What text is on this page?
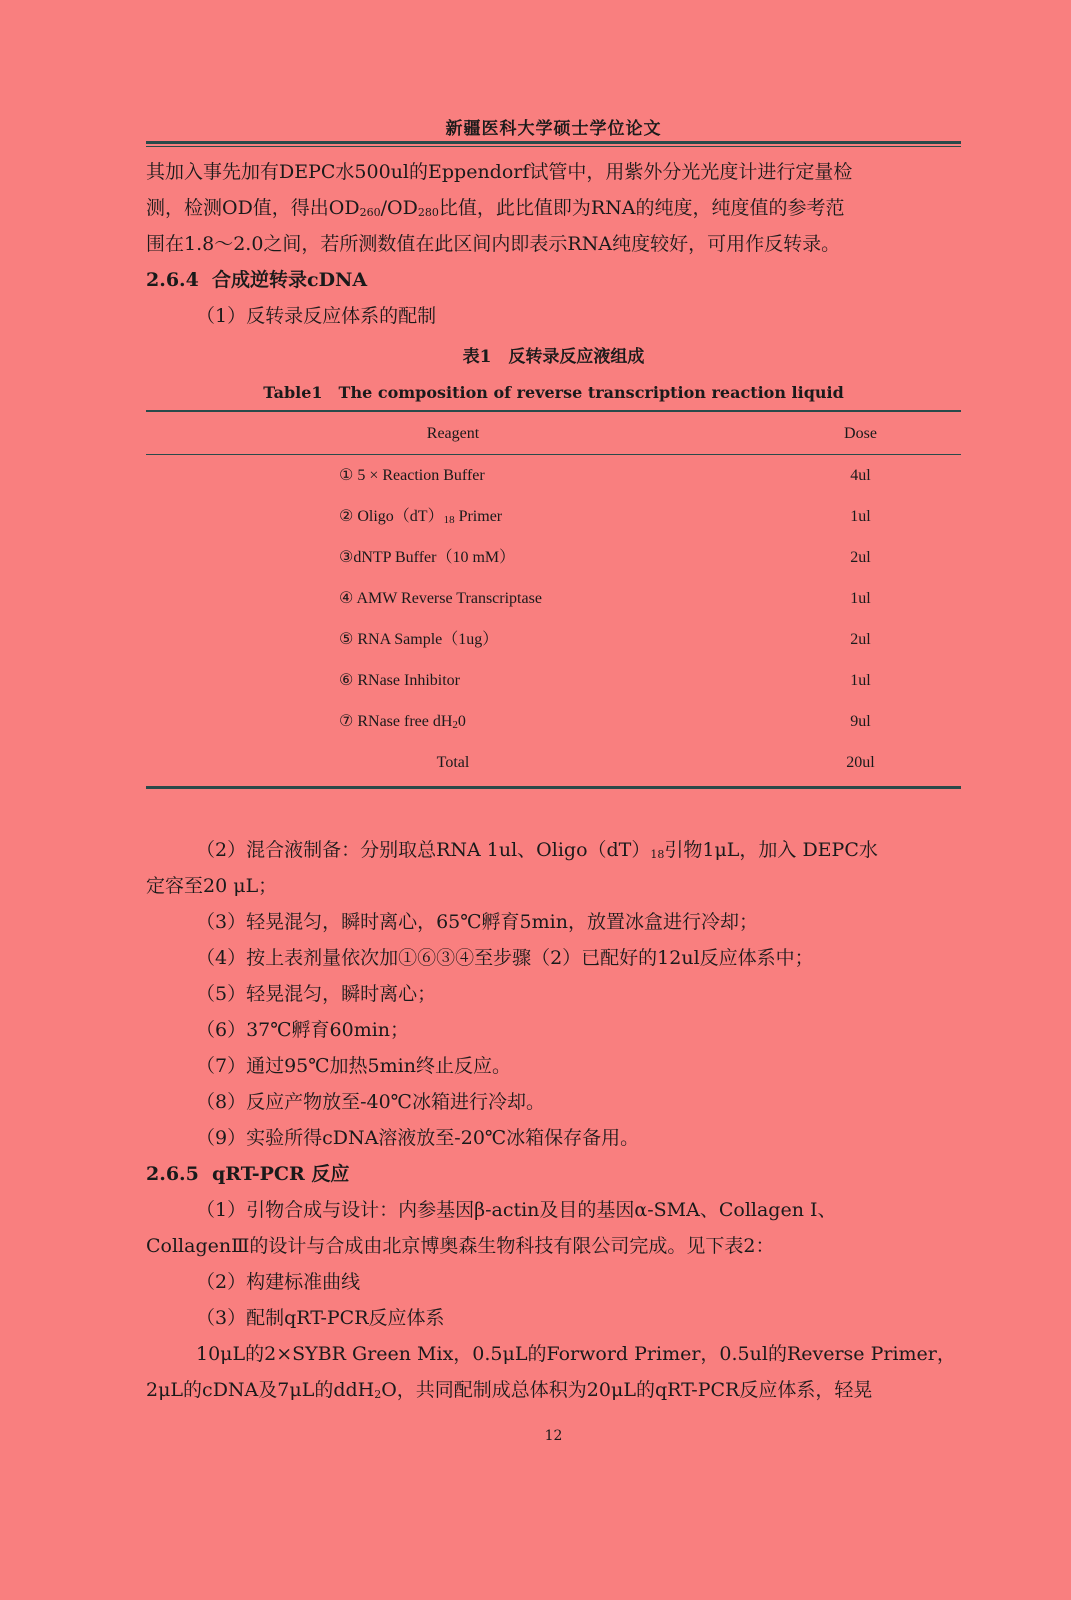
新疆医科大学硕士学位论文
其加入事先加有DEPC水500ul的Eppendorf试管中，用紫外分光光度计进行定量检
测，检测OD值，得出$OD_{260}/OD_{280}$比值，此比值即为RNA的纯度，纯度值的参考范
围在1.8～2.0之间，若所测数值在此区间内即表示RNA纯度较好，可用作反转录。
2.6.4 合成逆转录cDNA
（1）反转录反应体系的配制
表1　反转录反应液组成
Table1　The composition of reverse transcription reaction liquid
Reagent	Dose
① 5 × Reaction Buffer	4ul
② $Oligo(dT)_{18}$ Primer	1ul
③dNTP Buffer（10 mM）	2ul
④ AMW Reverse Transcriptase	1ul
⑤ RNA Sample（1ug）	2ul
⑥ RNase Inhibitor	1ul
⑦ RNase free $dH_20$	9ul
Total	20ul
（2）混合液制备：分别取总RNA 1ul、$Oligo(dT)_{18}$引物1μL，加入 DEPC水
定容至20 μL；
（3）轻晃混匀，瞬时离心，65℃孵育5min，放置冰盒进行冷却；
（4）按上表剂量依次加①⑥③④至步骤（2）已配好的12ul反应体系中；
（5）轻晃混匀，瞬时离心；
（6）37℃孵育60min；
（7）通过95℃加热5min终止反应。
（8）反应产物放至-40℃冰箱进行冷却。
（9）实验所得cDNA溶液放至-20℃冰箱保存备用。
2.6.5 qRT-PCR 反应
（1）引物合成与设计：内参基因β-actin及目的基因α-SMA、Collagen Ⅰ、
CollagenⅢ的设计与合成由北京博奥森生物科技有限公司完成。见下表2：
（2）构建标准曲线
（3）配制qRT-PCR反应体系
10μL的2×SYBR Green Mix，0.5μL的Forword Primer，0.5ul的Reverse Primer，
2μL的cDNA及7μL的ddH$_2$O，共同配制成总体积为20μL的qRT-PCR反应体系，轻晃
12
